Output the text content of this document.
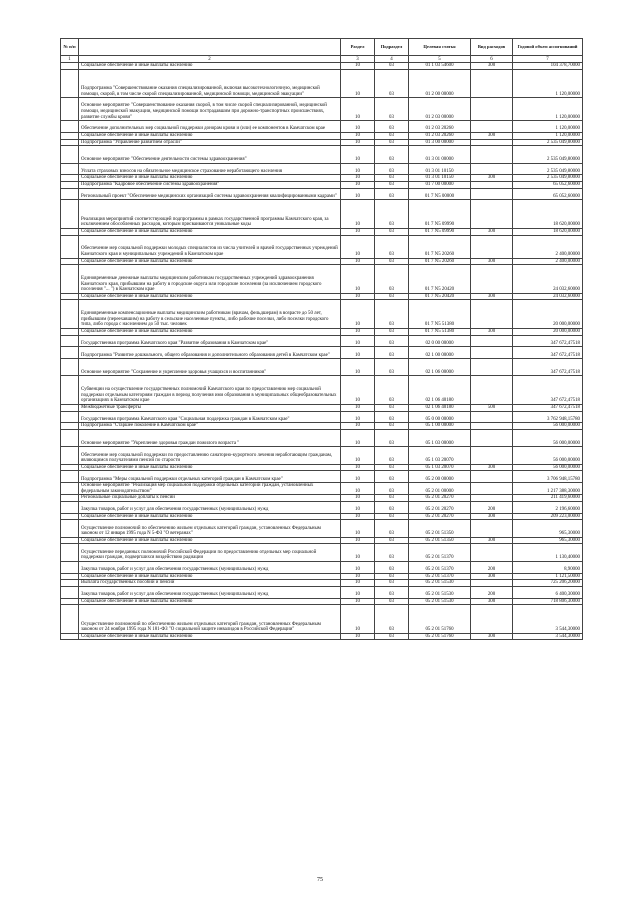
№ п/п		Раздел	Подраздел	Целевая статья	Вид расходов	Годовой объем ассигнований
1	2	3	4	5	6	7
	Социальное обеспечение и иные выплаты населению	10	03	01 1 03 54600	300	104 378,70000
	Подпрограмма "Совершенствование оказания специализированной, включая высокотехнологичную, медицинской помощи, скорой, в том числе скорой специализированной, медицинской помощи, медицинской эвакуации"	10	03	01 2 00 00000		1 120,00000
	Основное мероприятие "Совершенствование оказания скорой, в том числе скорой специализированной, медицинской помощи, медицинской эвакуации, медицинской помощи пострадавшим при дорожно-транспортных происшествиях, развитие службы крови"	10	03	01 2 03 00000		1 120,00000
	Обеспечение дополнительных мер социальной поддержки донорам крови и (или) ее компонентов в Камчатском крае	10	03	01 2 03 20260		1 120,00000
	Социальное обеспечение и иные выплаты населению	10	03	01 2 03 20260	300	1 120,00000
	Подпрограмма "Управление развитием отрасли"	10	03	01 3 00 00000		2 535 049,80000
	Основное мероприятие "Обеспечение деятельности системы здравоохранения"	10	03	01 3 01 00000		2 535 049,80000
	Уплата страховых взносов на обязательное медицинское страхование неработающего населения	10	03	01 3 01 10150		2 535 049,80000
	Социальное обеспечение и иные выплаты населению	10	03	01 3 01 10150	300	2 535 049,80000
	Подпрограмма "Кадровое обеспечение системы здравоохранения"	10	03	01 7 00 00000		65 052,60000
	Региональный проект "Обеспечение медицинских организаций системы здравоохранения квалифицированными кадрами"	10	03	01 7 N5 00000		65 052,60000
	Реализация мероприятий соответствующей подпрограммы в рамках государственной программы Камчатского края, за исключением обособленных расходов, которым присваиваются уникальные коды	10	03	01 7 N5 09990		18 620,00000
	Социальное обеспечение и иные выплаты населению	10	03	01 7 N5 09990	300	18 620,00000
	Обеспечение мер социальной поддержки молодых специалистов из числа учителей и врачей государственных учреждений Камчатского края и муниципальных учреждений в Камчатском крае	10	03	01 7 N5 20260		2 400,00000
	Социальное обеспечение и иные выплаты населению	10	03	01 7 N5 20260	300	2 400,00000
	Единовременные денежные выплаты медицинским работникам государственных учреждений здравоохранения Камчатского края, прибывшим на работу в городские округа или городские поселения (за исключением городского поселения "... ") в Камчатском крае	10	03	01 7 N5 20420		24 032,60000
	Социальное обеспечение и иные выплаты населению	10	03	01 7 N5 20420	300	24 032,60000
	Единовременные компенсационные выплаты медицинским работникам (врачам, фельдшерам) в возрасте до 50 лет, прибывшим (переехавшим) на работу в сельские населенные пункты, либо рабочие поселки, либо поселки городского типа, либо города с населением до 50 тыс. человек	10	03	01 7 N5 51380		20 000,00000
	Социальное обеспечение и иные выплаты населению	10	03	01 7 N5 51380	300	20 000,00000
	Государственная программа Камчатского края "Развитие образования в Камчатском крае"	10	03	02 0 00 00000		347 672,47518
	Подпрограмма "Развитие дошкольного, общего образования и дополнительного образования детей в Камчатском крае"	10	03	02 1 00 00000		347 672,47518
	Основное мероприятие "Сохранение и укрепление здоровья учащихся и воспитанников"	10	03	02 1 06 00000		347 672,47518
	Субвенции на осуществление государственных полномочий Камчатского края по предоставлению мер социальной поддержки отдельным категориям граждан в период получения ими образования в муниципальных общеобразовательных организациях в Камчатском крае	10	03	02 1 06 40180		347 672,47518
	Межбюджетные трансферты	10	03	02 1 06 40180	500	347 672,47518
	Государственная программа Камчатского края "Социальная поддержка граждан в Камчатском крае"	10	03	05 0 00 00000		3 762 948,15780
	Подпрограмма "Старшее поколение в Камчатском крае"	10	03	05 1 00 00000		56 000,00000
	Основное мероприятие "Укрепление здоровья граждан пожилого возраста "	10	03	05 1 03 00000		56 000,00000
	Обеспечение мер социальной поддержки по предоставлению санаторно-курортного лечения неработающим гражданам, являющимся получателями пенсий по старости	10	03	05 1 03 20070		56 000,00000
	Социальное обеспечение и иные выплаты населению	10	03	05 1 03 20070	300	56 000,00000
	Подпрограмма "Меры социальной поддержки отдельных категорий граждан в Камчатском крае"	10	03	05 2 00 00000		3 706 948,15780
	Основное мероприятие "Реализация мер социальной поддержки отдельных категорий граждан, установленных федеральным законодательством"	10	03	05 2 01 00000		1 217 388,30000
	Региональные социальные доплаты к пенсии	10	03	05 2 01 20270		211 419,60000
	Закупка товаров, работ и услуг для обеспечения государственных (муниципальных) нужд	10	03	05 2 01 20270	200	2 196,60000
	Социальное обеспечение и иные выплаты населению	10	03	05 2 01 20270	300	209 223,00000
	Осуществление полномочий по обеспечению жильем отдельных категорий граждан, установленных Федеральным законом от 12 января 1995 года N 5-ФЗ "О ветеранах"	10	03	05 2 01 51350		965,30000
	Социальное обеспечение и иные выплаты населению	10	03	05 2 01 51350	300	965,30000
	Осуществление переданных полномочий Российской Федерации по предоставлению отдельных мер социальной поддержки граждан, подвергшихся воздействию радиации	10	03	05 2 01 51370		1 130,40000
	Закупка товаров, работ и услуг для обеспечения государственных (муниципальных) нужд	10	03	05 2 01 51370	200	8,90000
	Социальное обеспечение и иные выплаты населению	10	03	05 2 01 51370	300	1 121,50000
	Выплата государственных пособий и пенсий	10	03	05 2 01 51530		725 206,20000
	Закупка товаров, работ и услуг для обеспечения государственных (муниципальных) нужд	10	03	05 2 01 51530	200	6 400,30000
	Социальное обеспечение и иные выплаты населению	10	03	05 2 01 51530	300	718 806,30000
	Осуществление полномочий по обеспечению жильем отдельных категорий граждан, установленных Федеральным законом от 24 ноября 1995 года N 181-ФЗ "О социальной защите инвалидов в Российской Федерации"	10	03	05 2 01 51760		3 544,30000
	Социальное обеспечение и иные выплаты населению	10	03	05 2 01 51760	300	3 544,30000
75
